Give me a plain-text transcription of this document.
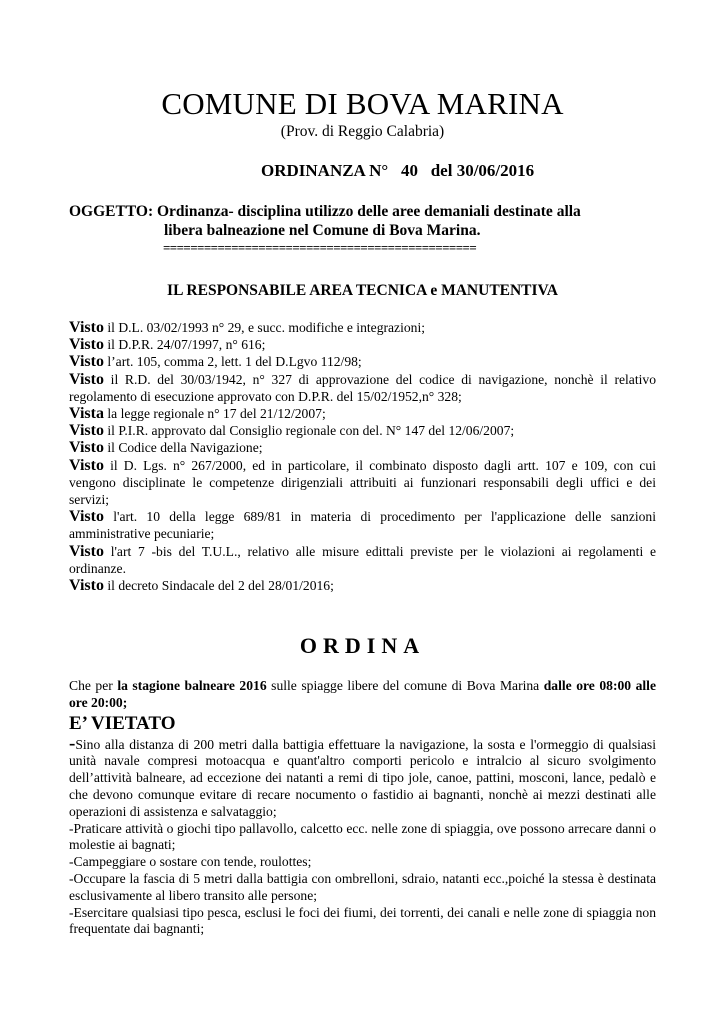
COMUNE DI BOVA MARINA
(Prov. di Reggio Calabria)
ORDINANZA N°   40   del 30/06/2016
OGGETTO: Ordinanza- disciplina utilizzo delle aree demaniali destinate alla
libera balneazione nel Comune di Bova Marina.
==============================================
IL RESPONSABILE AREA TECNICA e MANUTENTIVA

Visto il D.L. 03/02/1993 n° 29, e succ. modifiche e integrazioni;

Visto il D.P.R. 24/07/1997, n° 616;

Visto l’art. 105, comma 2, lett. 1 del D.Lgvo 112/98;

Visto il R.D. del 30/03/1942, n° 327 di approvazione del codice di navigazione, nonchè il relativo regolamento di esecuzione approvato con D.P.R. del 15/02/1952,n° 328;

Vista la legge regionale n° 17 del 21/12/2007;

Visto il P.I.R. approvato dal Consiglio regionale con del. N° 147 del 12/06/2007;

Visto il Codice della Navigazione;

Visto il D. Lgs. n° 267/2000, ed in particolare, il combinato disposto dagli artt. 107 e 109, con cui vengono disciplinate le competenze dirigenziali attribuiti ai funzionari responsabili degli uffici e dei servizi;

Visto l'art. 10 della legge 689/81 in materia di procedimento per l'applicazione delle sanzioni amministrative pecuniarie;

Visto l'art 7 -bis del T.U.L., relativo alle misure edittali previste per le violazioni ai regolamenti e ordinanze.

Visto il decreto Sindacale del 2 del 28/01/2016;

ORDINA

Che per la stagione balneare 2016 sulle spiagge libere del comune di Bova Marina dalle ore 08:00 alle ore 20:00;

E’ VIETATO

-Sino alla distanza di 200 metri dalla battigia effettuare la navigazione, la sosta e l'ormeggio di qualsiasi unità navale compresi motoacqua e quant'altro comporti pericolo e intralcio al sicuro svolgimento dell’attività balneare, ad eccezione dei natanti a remi di tipo jole, canoe, pattini, mosconi, lance, pedalò e che devono comunque evitare di recare nocumento o fastidio ai bagnanti, nonchè ai mezzi destinati alle operazioni di assistenza e salvataggio;

-Praticare attività o giochi tipo pallavollo, calcetto ecc. nelle zone di spiaggia, ove possono arrecare danni o molestie ai bagnati;

-Campeggiare o sostare con tende, roulottes;

-Occupare la fascia di 5 metri dalla battigia con ombrelloni, sdraio, natanti ecc.,poiché la stessa è destinata esclusivamente al libero transito alle persone;

-Esercitare qualsiasi tipo pesca, esclusi le foci dei fiumi, dei torrenti, dei canali e nelle zone di spiaggia non frequentate dai bagnanti;
